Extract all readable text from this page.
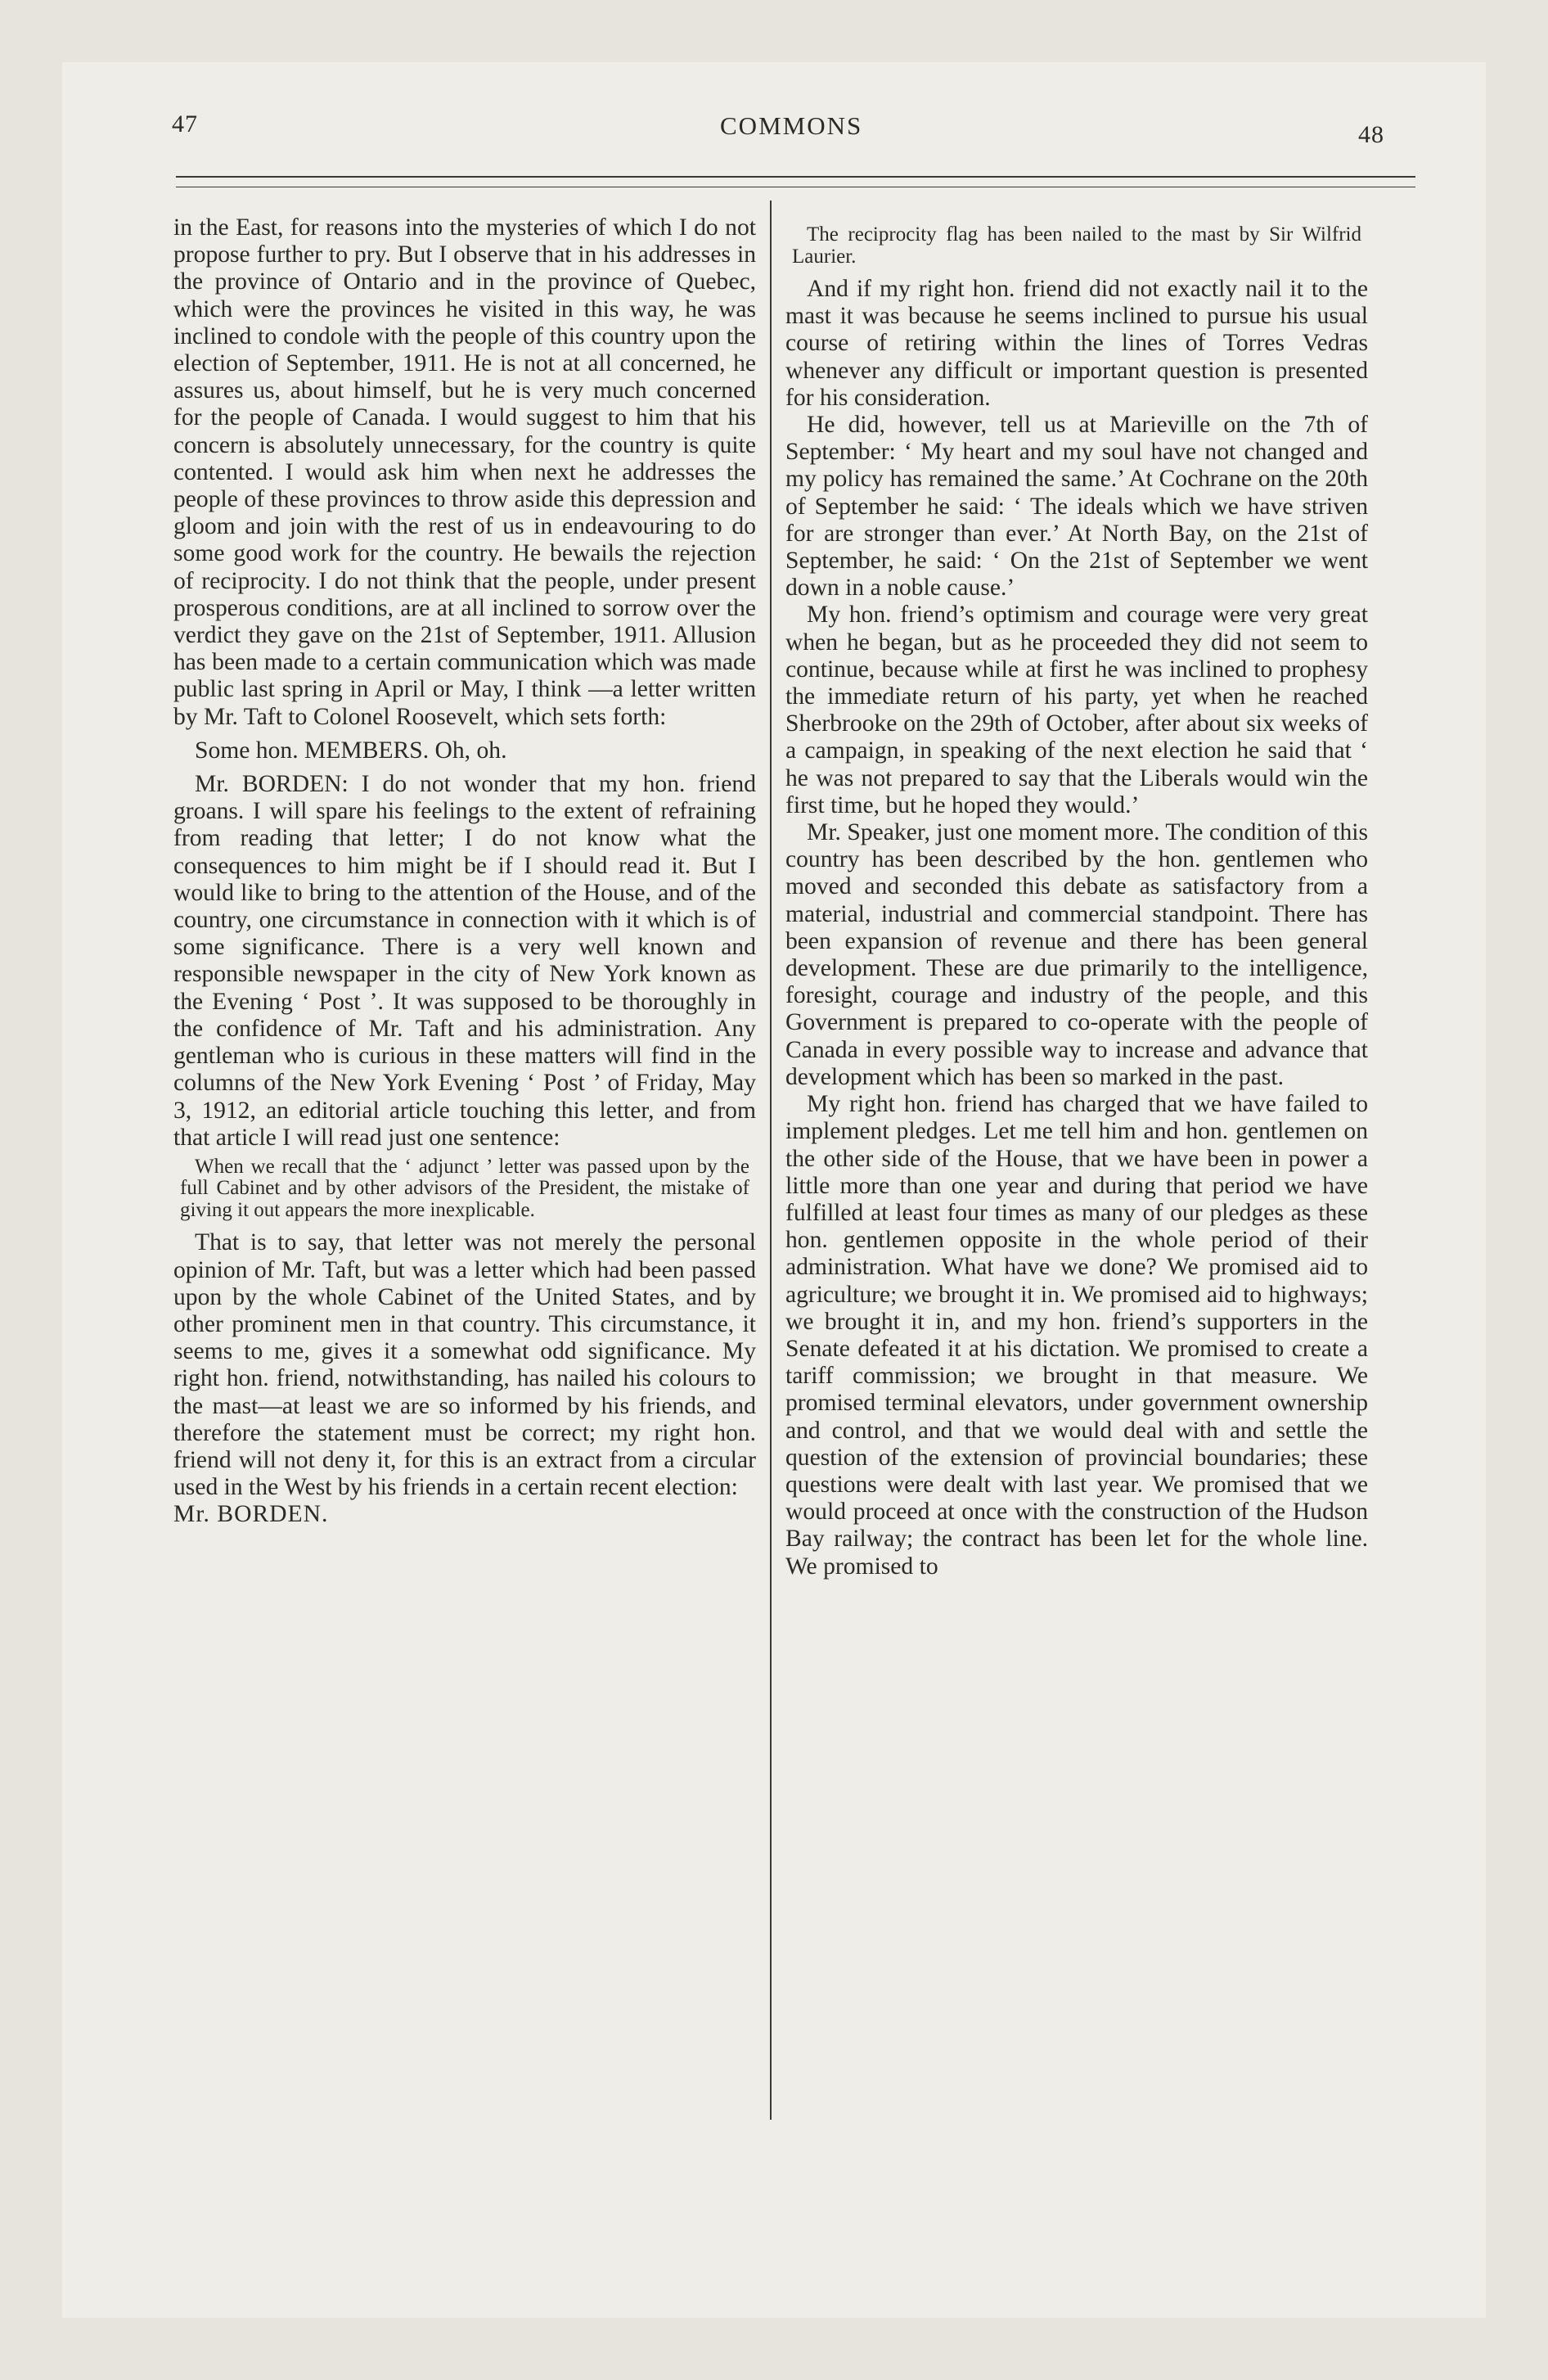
47	COMMONS	48

in the East, for reasons into the mysteries of which I do not propose further to pry. But I observe that in his addresses in the province of Ontario and in the province of Quebec, which were the provinces he visited in this way, he was inclined to condole with the people of this country upon the election of September, 1911. He is not at all concerned, he assures us, about himself, but he is very much concerned for the people of Canada. I would suggest to him that his concern is absolutely unnecessary, for the country is quite contented. I would ask him when next he addresses the people of these provinces to throw aside this depression and gloom and join with the rest of us in endeavouring to do some good work for the country. He bewails the rejection of reciprocity. I do not think that the people, under present prosperous conditions, are at all inclined to sorrow over the verdict they gave on the 21st of September, 1911. Allusion has been made to a certain communication which was made public last spring in April or May, I think —a letter written by Mr. Taft to Colonel Roosevelt, which sets forth:

Some hon. MEMBERS. Oh, oh.

Mr. BORDEN: I do not wonder that my hon. friend groans. I will spare his feelings to the extent of refraining from reading that letter; I do not know what the consequences to him might be if I should read it. But I would like to bring to the attention of the House, and of the country, one circumstance in connection with it which is of some significance. There is a very well known and responsible newspaper in the city of New York known as the Evening ‘ Post ’. It was supposed to be thoroughly in the confidence of Mr. Taft and his administration. Any gentleman who is curious in these matters will find in the columns of the New York Evening ‘ Post ’ of Friday, May 3, 1912, an editorial article touching this letter, and from that article I will read just one sentence:

When we recall that the ‘ adjunct ’ letter was passed upon by the full Cabinet and by other advisors of the President, the mistake of giving it out appears the more inexplicable.

That is to say, that letter was not merely the personal opinion of Mr. Taft, but was a letter which had been passed upon by the whole Cabinet of the United States, and by other prominent men in that country. This circumstance, it seems to me, gives it a somewhat odd significance. My right hon. friend, notwithstanding, has nailed his colours to the mast—at least we are so informed by his friends, and therefore the statement must be correct; my right hon. friend will not deny it, for this is an extract from a circular used in the West by his friends in a certain recent election:

Mr. BORDEN.

The reciprocity flag has been nailed to the mast by Sir Wilfrid Laurier.

And if my right hon. friend did not exactly nail it to the mast it was because he seems inclined to pursue his usual course of retiring within the lines of Torres Vedras whenever any difficult or important question is presented for his consideration.

He did, however, tell us at Marieville on the 7th of September: ‘ My heart and my soul have not changed and my policy has remained the same.’ At Cochrane on the 20th of September he said: ‘ The ideals which we have striven for are stronger than ever.’ At North Bay, on the 21st of September, he said: ‘ On the 21st of September we went down in a noble cause.’

My hon. friend’s optimism and courage were very great when he began, but as he proceeded they did not seem to continue, because while at first he was inclined to prophesy the immediate return of his party, yet when he reached Sherbrooke on the 29th of October, after about six weeks of a campaign, in speaking of the next election he said that ‘ he was not prepared to say that the Liberals would win the first time, but he hoped they would.’

Mr. Speaker, just one moment more. The condition of this country has been described by the hon. gentlemen who moved and seconded this debate as satisfactory from a material, industrial and commercial standpoint. There has been expansion of revenue and there has been general development. These are due primarily to the intelligence, foresight, courage and industry of the people, and this Government is prepared to co-operate with the people of Canada in every possible way to increase and advance that development which has been so marked in the past.

My right hon. friend has charged that we have failed to implement pledges. Let me tell him and hon. gentlemen on the other side of the House, that we have been in power a little more than one year and during that period we have fulfilled at least four times as many of our pledges as these hon. gentlemen opposite in the whole period of their administration. What have we done? We promised aid to agriculture; we brought it in. We promised aid to highways; we brought it in, and my hon. friend’s supporters in the Senate defeated it at his dictation. We promised to create a tariff commission; we brought in that measure. We promised terminal elevators, under government ownership and control, and that we would deal with and settle the question of the extension of provincial boundaries; these questions were dealt with last year. We promised that we would proceed at once with the construction of the Hudson Bay railway; the contract has been let for the whole line. We promised to
